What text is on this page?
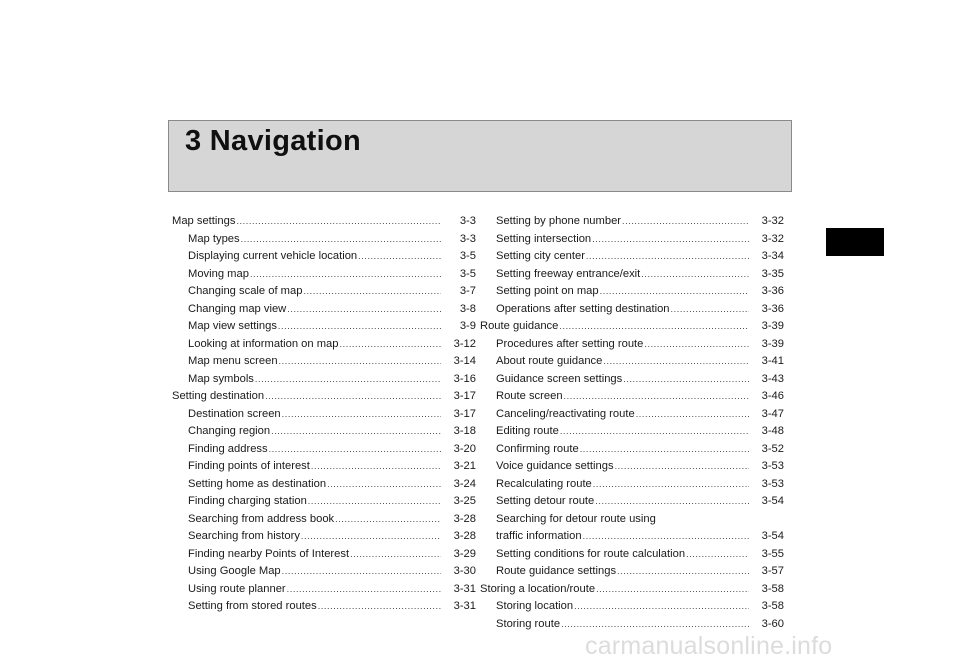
3 Navigation
Map settings .....	3-3
Map types .....	3-3
Displaying current vehicle location .....	3-5
Moving map .....	3-5
Changing scale of map .....	3-7
Changing map view .....	3-8
Map view settings .....	3-9
Looking at information on map .....	3-12
Map menu screen .....	3-14
Map symbols .....	3-16
Setting destination .....	3-17
Destination screen .....	3-17
Changing region .....	3-18
Finding address .....	3-20
Finding points of interest .....	3-21
Setting home as destination .....	3-24
Finding charging station .....	3-25
Searching from address book .....	3-28
Searching from history .....	3-28
Finding nearby Points of Interest .....	3-29
Using Google Map .....	3-30
Using route planner .....	3-31
Setting from stored routes .....	3-31
Setting by phone number .....	3-32
Setting intersection .....	3-32
Setting city center .....	3-34
Setting freeway entrance/exit .....	3-35
Setting point on map .....	3-36
Operations after setting destination .....	3-36
Route guidance .....	3-39
Procedures after setting route .....	3-39
About route guidance .....	3-41
Guidance screen settings .....	3-43
Route screen .....	3-46
Canceling/reactivating route .....	3-47
Editing route .....	3-48
Confirming route .....	3-52
Voice guidance settings .....	3-53
Recalculating route .....	3-53
Setting detour route .....	3-54
Searching for detour route using
traffic information .....	3-54
Setting conditions for route calculation .....	3-55
Route guidance settings .....	3-57
Storing a location/route .....	3-58
Storing location .....	3-58
Storing route .....	3-60
carmanualsonline.info
